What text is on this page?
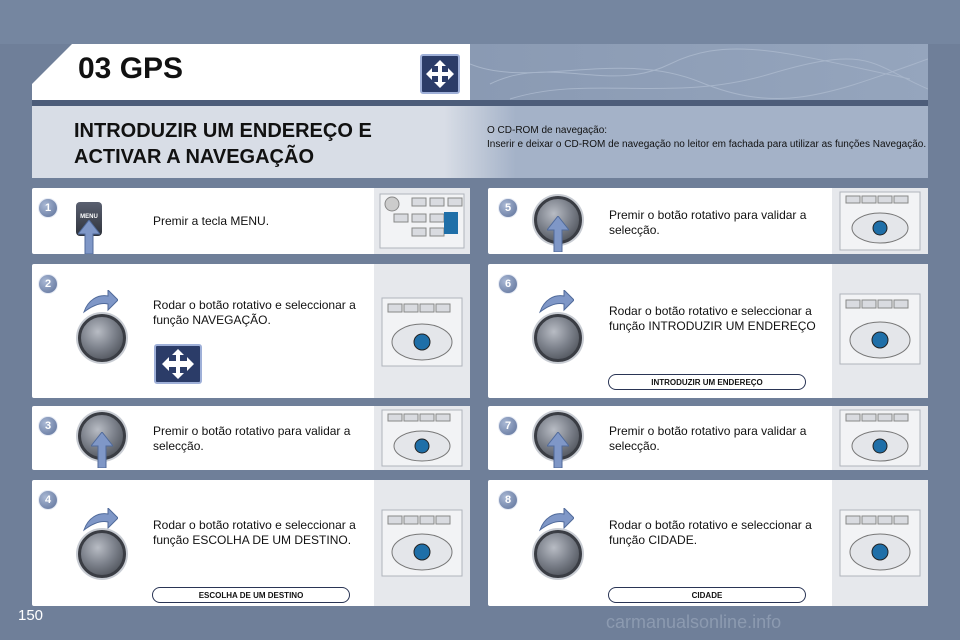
03 GPS
INTRODUZIR UM ENDEREÇO E ACTIVAR A NAVEGAÇÃO
O CD-ROM de navegação:
Inserir e deixar o CD-ROM de navegação no leitor em fachada para utilizar as funções Navegação.
1
MENU	Premir a tecla MENU.
2
Rodar o botão rotativo e seleccionar a função NAVEGAÇÃO.
3	Premir o botão rotativo para validar a selecção.
4
Rodar o botão rotativo e seleccionar a função ESCOLHA DE UM DESTINO.
ESCOLHA DE UM DESTINO
5	Premir o botão rotativo para validar a selecção.
6
Rodar o botão rotativo e seleccionar a função INTRODUZIR UM ENDEREÇO
INTRODUZIR UM ENDEREÇO
7	Premir o botão rotativo para validar a selecção.
8
Rodar o botão rotativo e seleccionar a função CIDADE.
CIDADE
150	carmanualsonline.info
